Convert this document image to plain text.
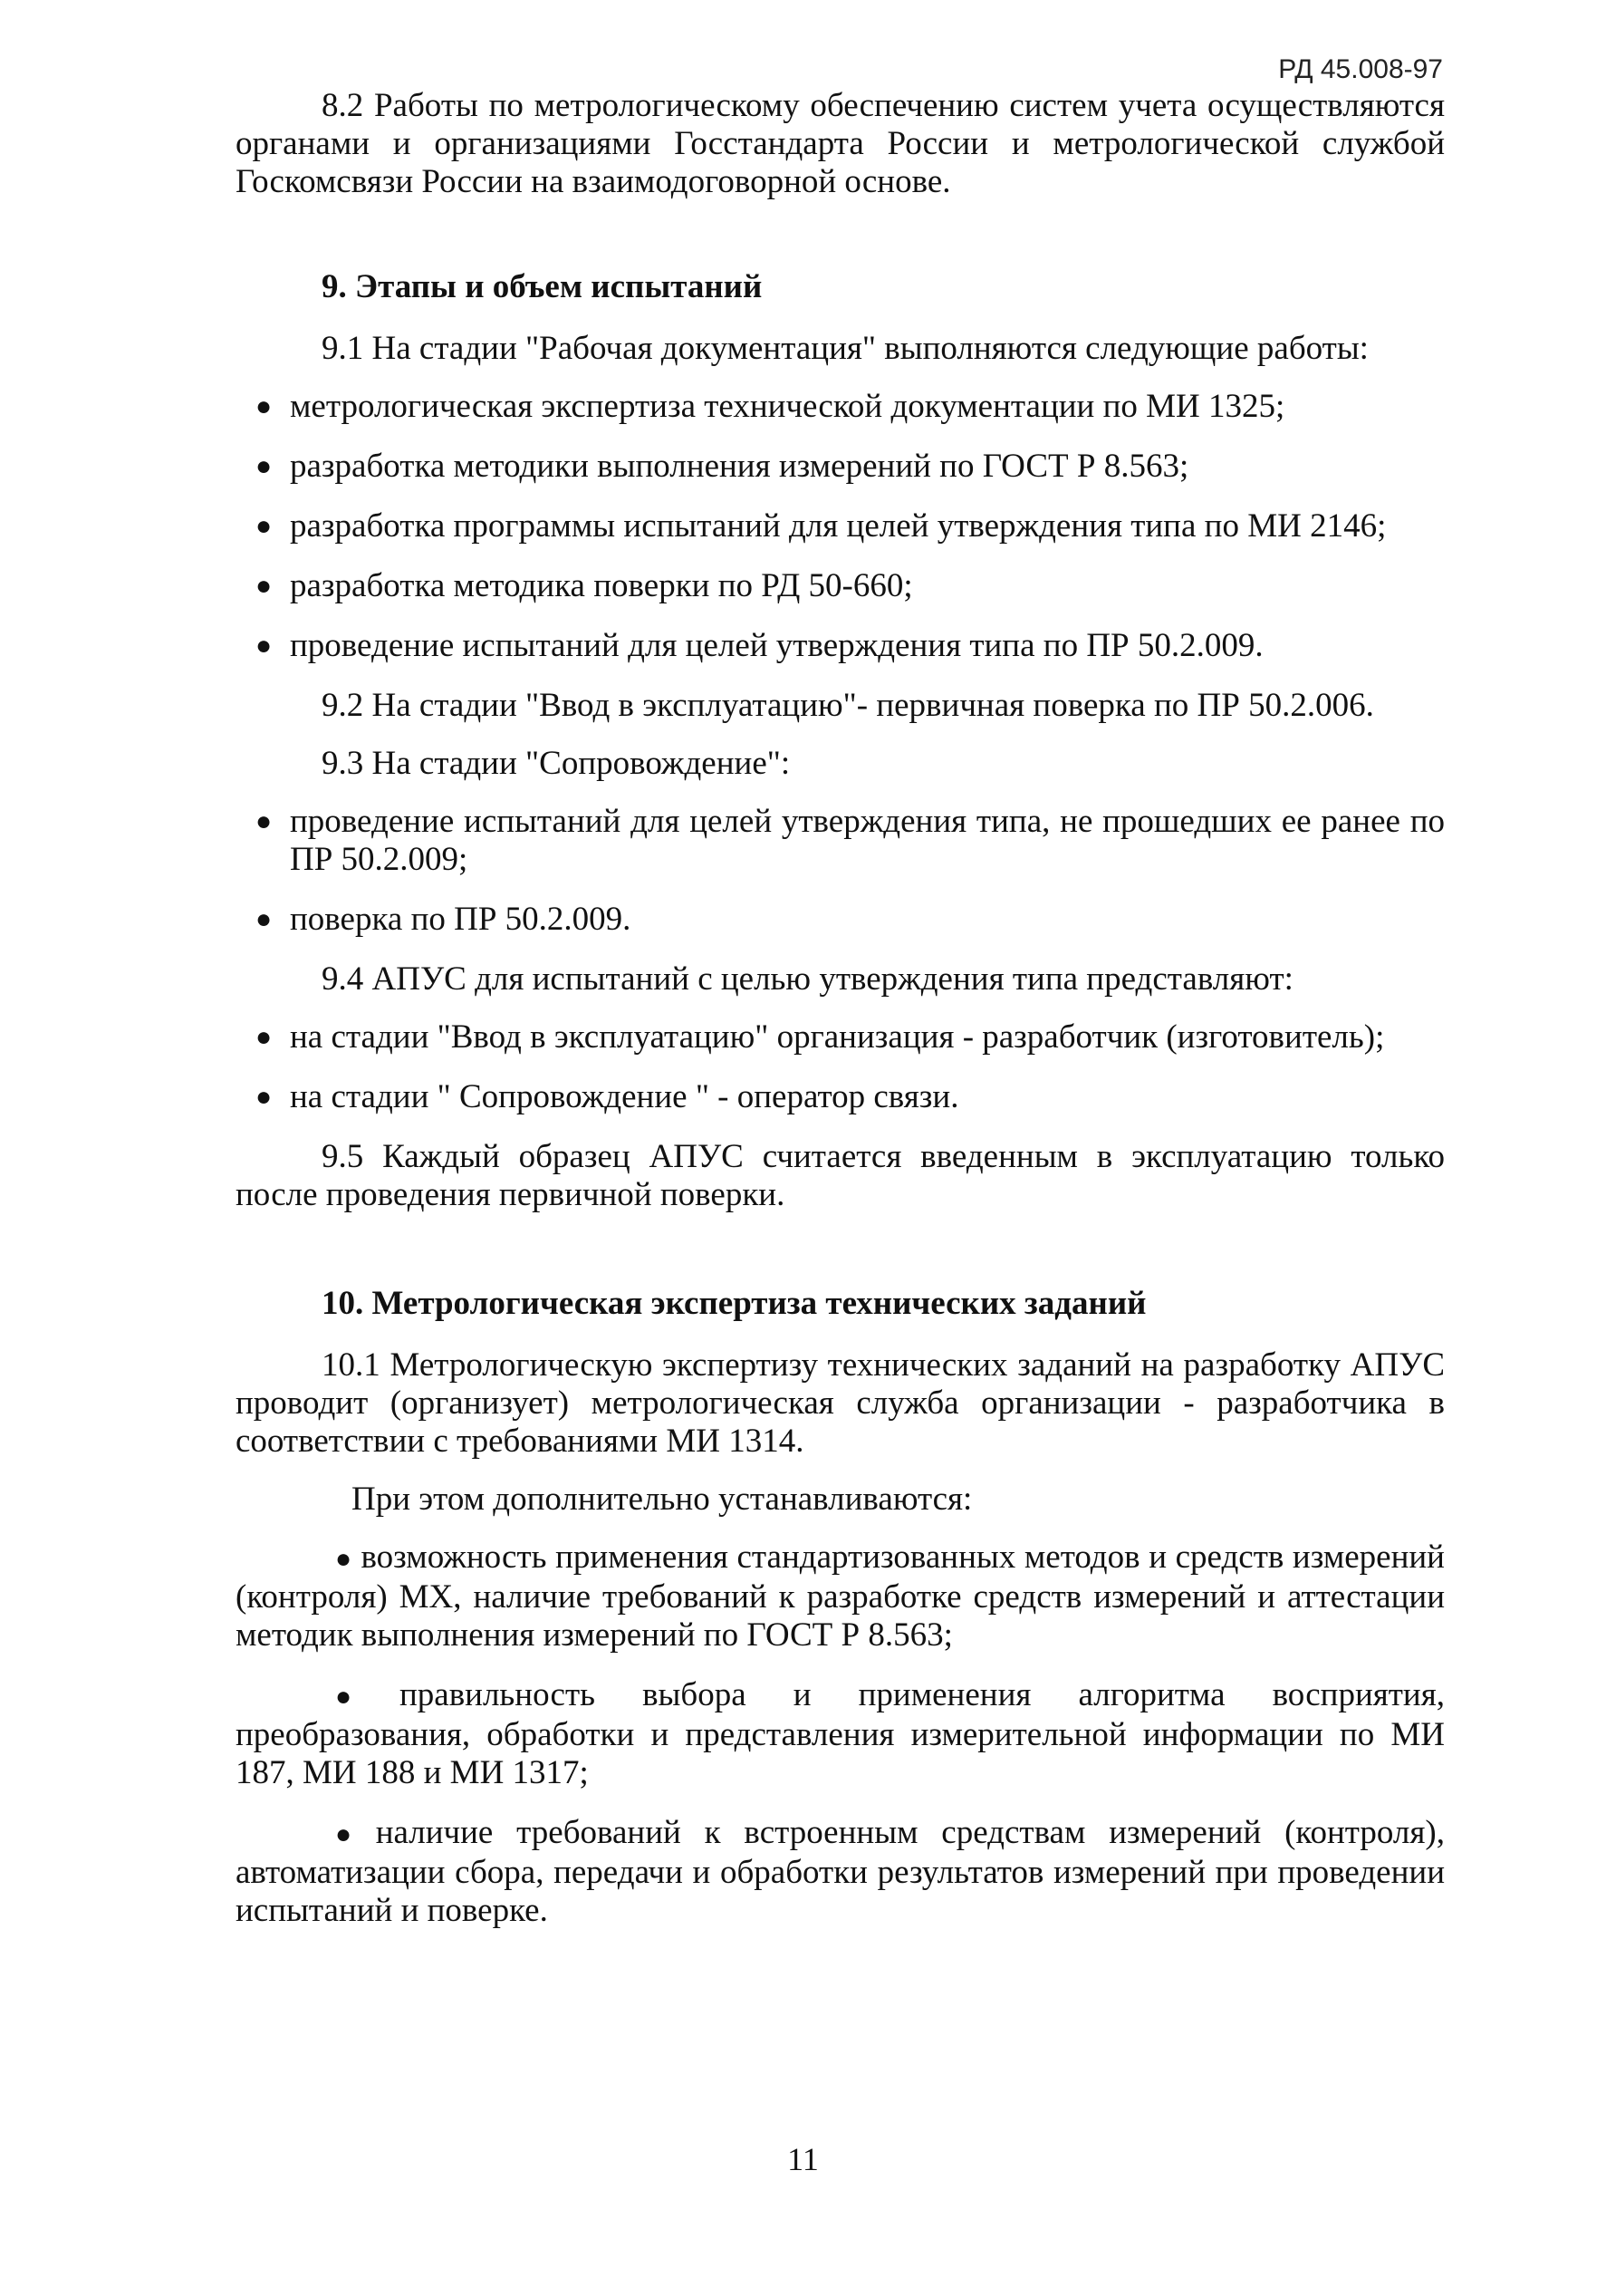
РД 45.008-97

8.2 Работы по метрологическому обеспечению систем учета осуществляются органами и организациями Госстандарта России и метрологической службой Госкомсвязи России на взаимодоговорной основе.

9. Этапы и объем испытаний

9.1 На стадии "Рабочая документация" выполняются следующие работы:

● метрологическая экспертиза технической документации по МИ 1325;
● разработка методики выполнения измерений по ГОСТ Р 8.563;
● разработка программы испытаний для целей утверждения типа по МИ 2146;
● разработка методика поверки по РД 50-660;
● проведение испытаний для целей утверждения типа по ПР 50.2.009.

9.2 На стадии "Ввод в эксплуатацию"- первичная поверка по ПР 50.2.006.

9.3 На стадии "Сопровождение":

● проведение испытаний для целей утверждения типа, не прошедших ее ранее по ПР 50.2.009;
● поверка по ПР 50.2.009.

9.4 АПУС для испытаний с целью утверждения типа представляют:

● на стадии "Ввод в эксплуатацию" организация - разработчик (изготовитель);
● на стадии " Сопровождение " - оператор связи.

9.5 Каждый образец АПУС считается введенным в эксплуатацию только после проведения первичной поверки.

10. Метрологическая экспертиза технических заданий

10.1 Метрологическую экспертизу технических заданий на разработку АПУС проводит (организует) метрологическая служба организации - разработчика в соответствии с требованиями МИ 1314.

При этом дополнительно устанавливаются:

● возможность применения стандартизованных методов и средств измерений (контроля) МХ, наличие требований к разработке средств измерений и аттестации методик выполнения измерений по ГОСТ Р 8.563;

● правильность выбора и применения алгоритма восприятия, преобразования, обработки и представления измерительной информации по МИ 187, МИ 188 и МИ 1317;

● наличие требований к встроенным средствам измерений (контроля), автоматизации сбора, передачи и обработки результатов измерений при проведении испытаний и поверке.

11
